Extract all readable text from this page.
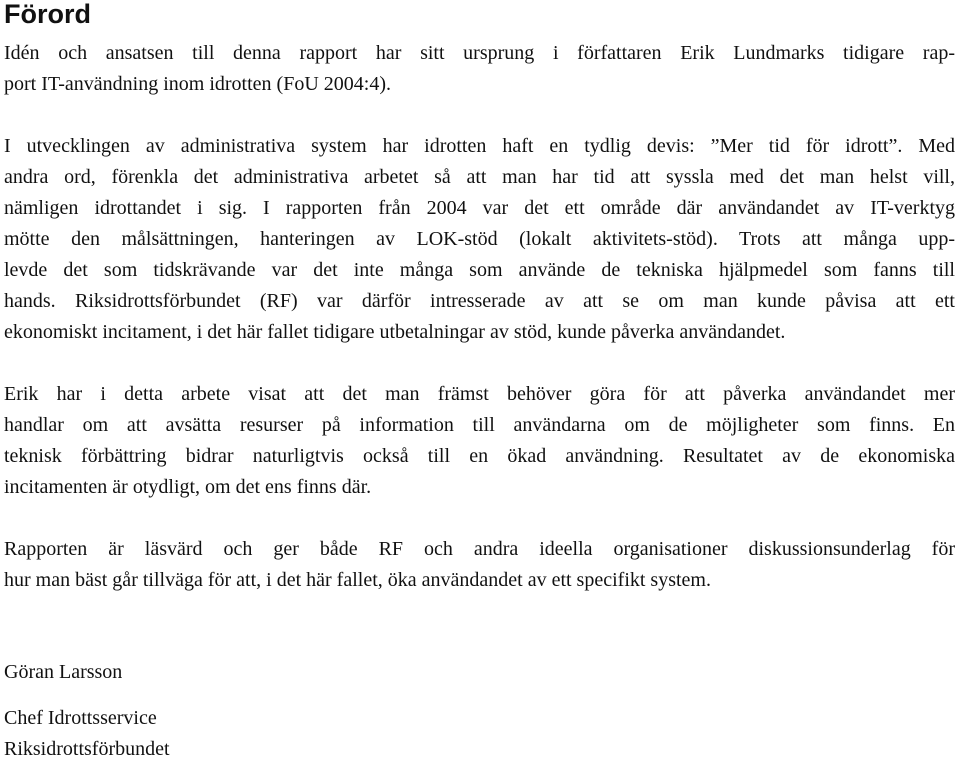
Förord

Idén och ansatsen till denna rapport har sitt ursprung i författaren Erik Lundmarks tidigare rap-
port IT-användning inom idrotten (FoU 2004:4).

I utvecklingen av administrativa system har idrotten haft en tydlig devis: ”Mer tid för idrott”. Med
andra ord, förenkla det administrativa arbetet så att man har tid att syssla med det man helst vill,
nämligen idrottandet i sig. I rapporten från 2004 var det ett område där användandet av IT-verktyg
mötte den målsättningen, hanteringen av LOK-stöd (lokalt aktivitets-stöd). Trots att många upp-
levde det som tidskrävande var det inte många som använde de tekniska hjälpmedel som fanns till
hands. Riksidrottsförbundet (RF) var därför intresserade av att se om man kunde påvisa att ett
ekonomiskt incitament, i det här fallet tidigare utbetalningar av stöd, kunde påverka användandet.

Erik har i detta arbete visat att det man främst behöver göra för att påverka användandet mer
handlar om att avsätta resurser på information till användarna om de möjligheter som finns. En
teknisk förbättring bidrar naturligtvis också till en ökad användning. Resultatet av de ekonomiska
incitamenten är otydligt, om det ens finns där.

Rapporten är läsvärd och ger både RF och andra ideella organisationer diskussionsunderlag för
hur man bäst går tillväga för att, i det här fallet, öka användandet av ett specifikt system.

Göran Larsson

Chef Idrottsservice

Riksidrottsförbundet
